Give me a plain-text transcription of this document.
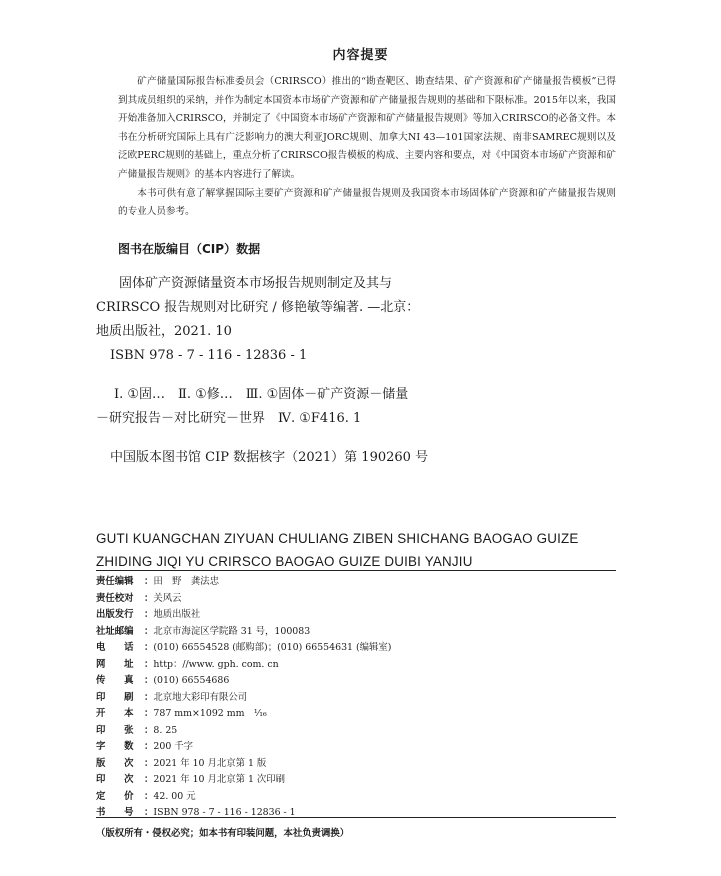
内容提要

矿产储量国际报告标准委员会（CRIRSCO）推出的“勘查靶区、勘查结果、矿产资源和矿产储量报告模板”已得到其成员组织的采纳，并作为制定本国资本市场矿产资源和矿产储量报告规则的基础和下限标准。2015年以来，我国开始准备加入CRIRSCO，并制定了《中国资本市场矿产资源和矿产储量报告规则》等加入CRIRSCO的必备文件。本书在分析研究国际上具有广泛影响力的澳大利亚JORC规则、加拿大NI 43—101国家法规、南非SAMREC规则以及泛欧PERC规则的基础上，重点分析了CRIRSCO报告模板的构成、主要内容和要点，对《中国资本市场矿产资源和矿产储量报告规则》的基本内容进行了解读。

本书可供有意了解掌握国际主要矿产资源和矿产储量报告规则及我国资本市场固体矿产资源和矿产储量报告规则的专业人员参考。

图书在版编目（CIP）数据
固体矿产资源储量资本市场报告规则制定及其与
CRIRSCO 报告规则对比研究 / 修艳敏等编著. —北京：
地质出版社，2021. 10
ISBN 978 - 7 - 116 - 12836 - 1
Ⅰ. ①固…　Ⅱ. ①修…　Ⅲ. ①固体－矿产资源－储量
－研究报告－对比研究－世界　Ⅳ. ①F416. 1
中国版本图书馆 CIP 数据核字（2021）第 190260 号
GUTI KUANGCHAN ZIYUAN CHULIANG ZIBEN SHICHANG BAOGAO GUIZE ZHIDING JIQI YU CRIRSCO BAOGAO GUIZE DUIBI YANJIU
责任编辑	： 田　野　龚法忠
责任校对	： 关风云
出版发行	： 地质出版社
社址邮编	： 北京市海淀区学院路 31 号，100083
电　　话	： (010) 66554528 (邮购部)；(010) 66554631 (编辑室)
网　　址	： http：//www. gph. com. cn
传　　真	： (010) 66554686
印　　刷	： 北京地大彩印有限公司
开　　本	： 787 mm×1092 mm　¹⁄₁₆
印　　张	： 8. 25
字　　数	： 200 千字
版　　次	： 2021 年 10 月北京第 1 版
印　　次	： 2021 年 10 月北京第 1 次印刷
定　　价	： 42. 00 元
书　　号	： ISBN 978 - 7 - 116 - 12836 - 1
（版权所有・侵权必究；如本书有印装问题，本社负责调换）
